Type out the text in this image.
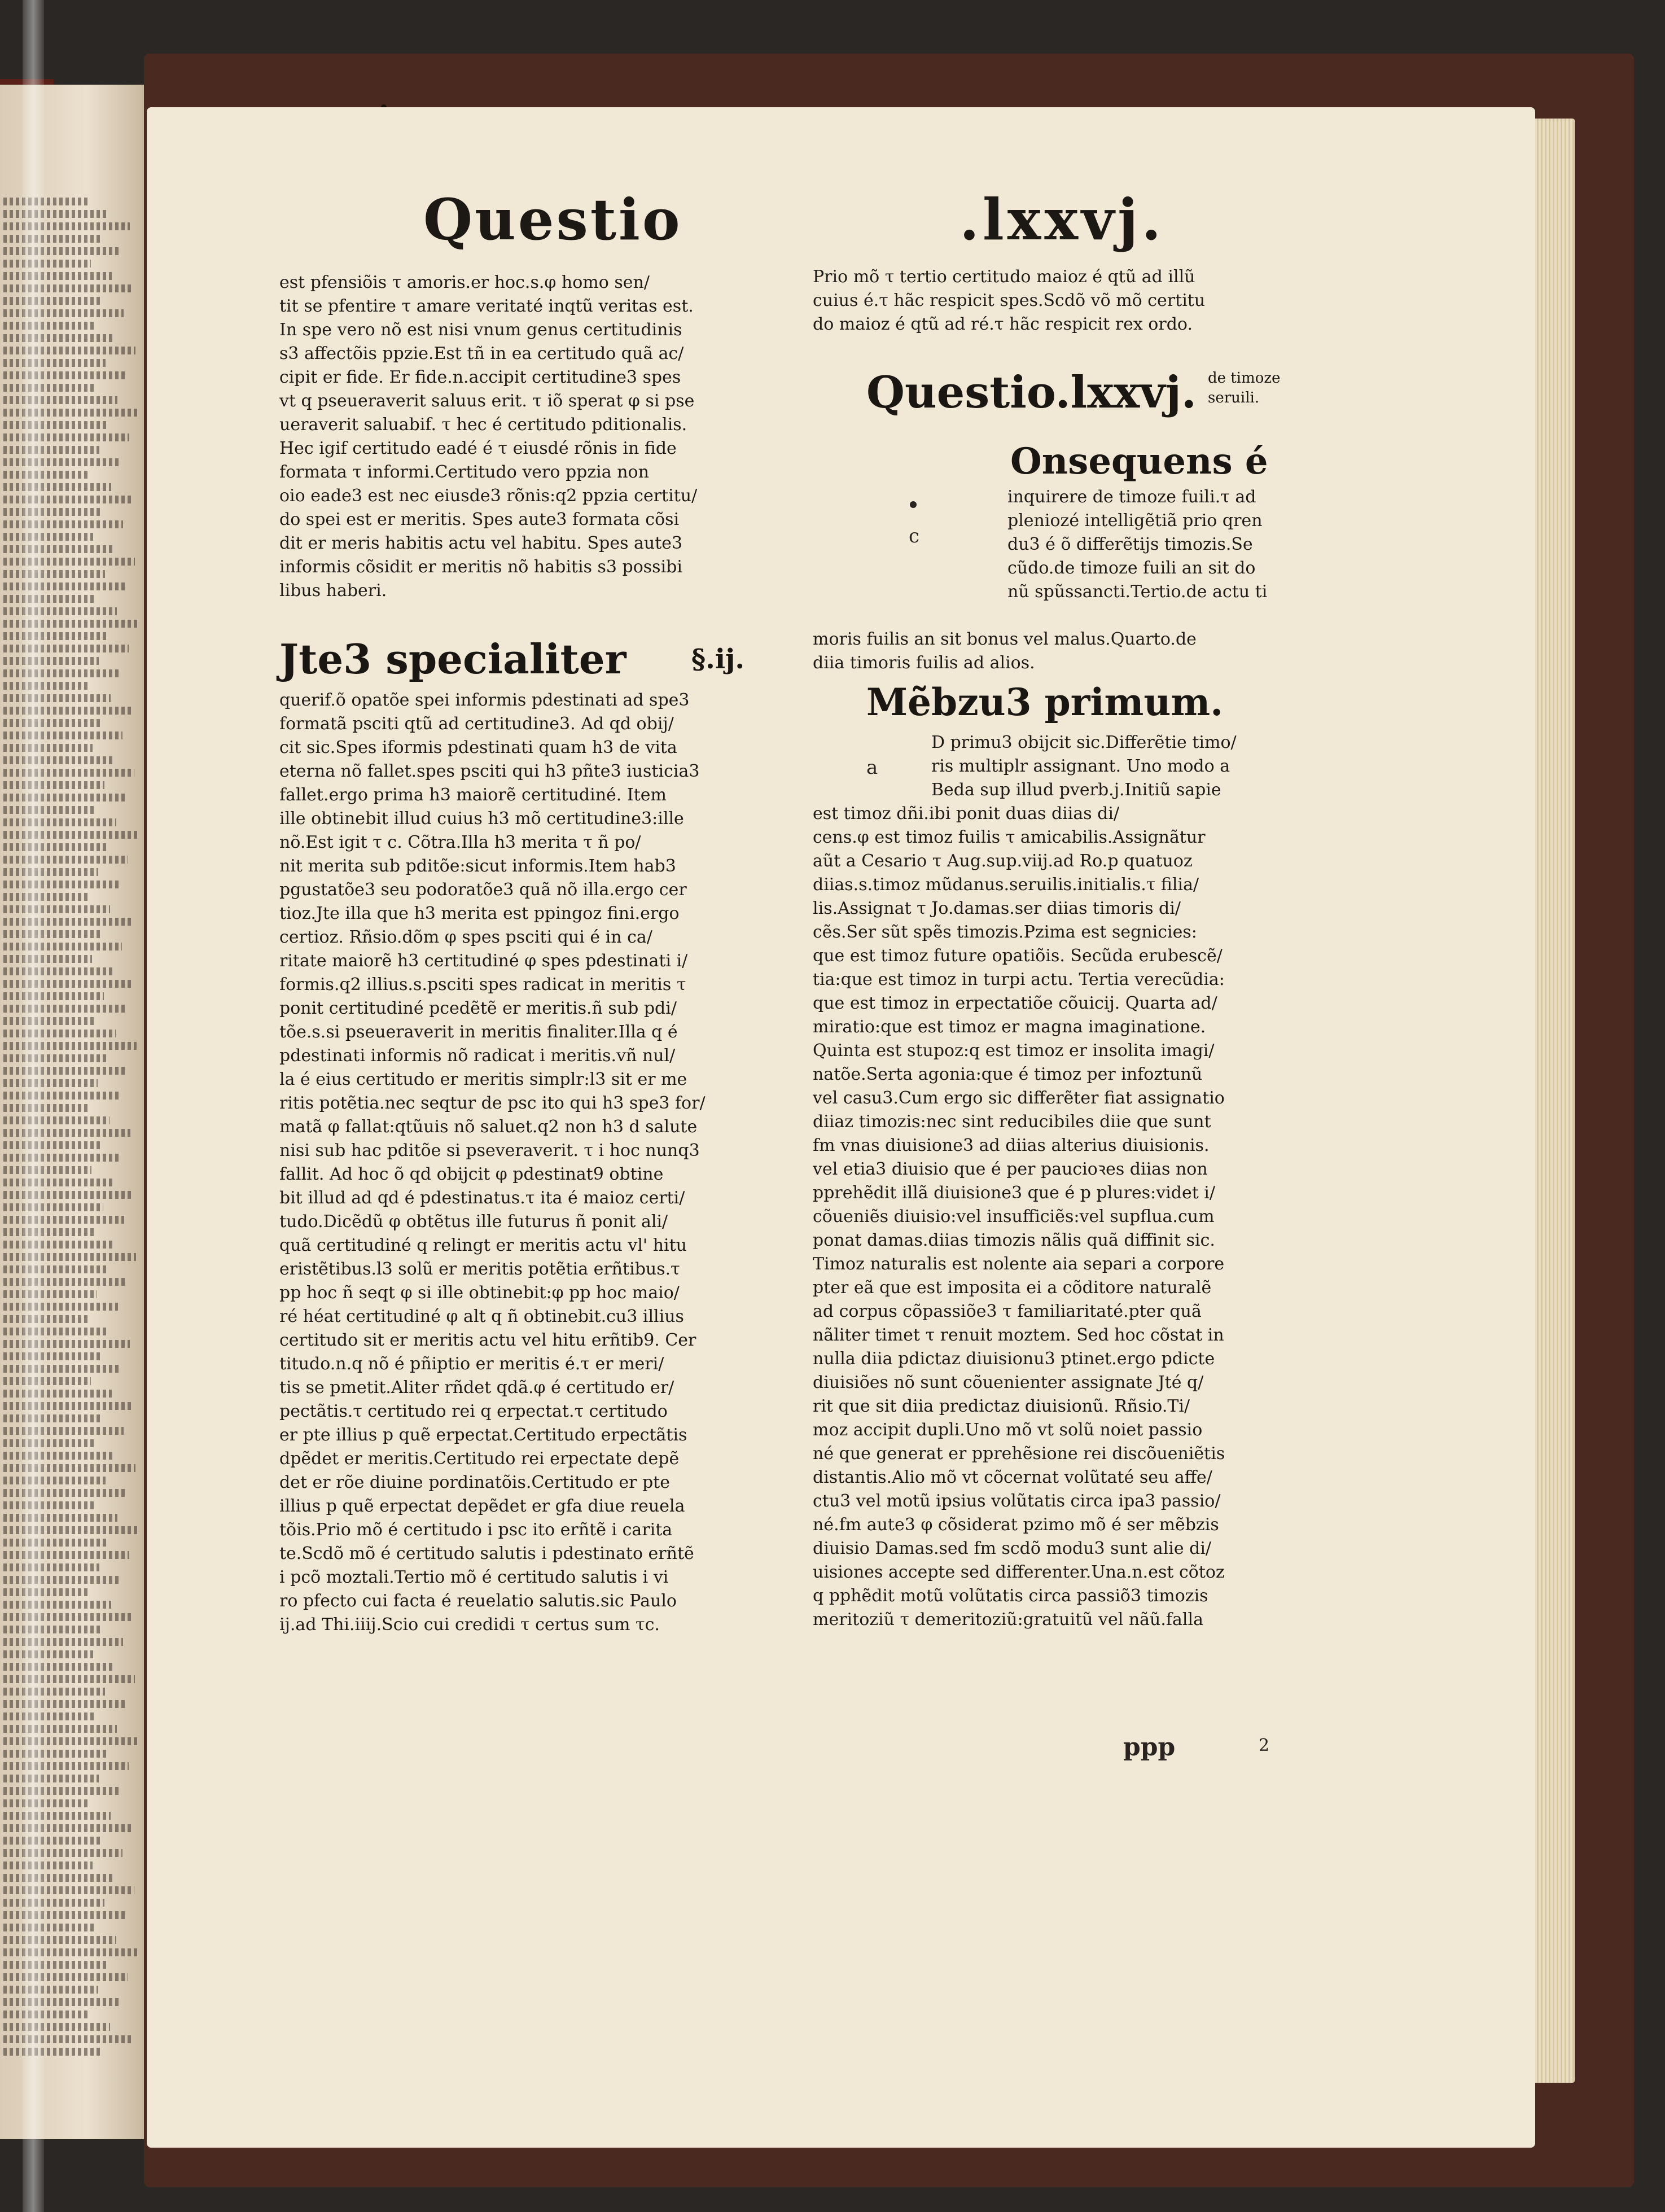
Questio	.lxxvj.
est pfensiõis τ amoris.er hoc.s.φ homo sen/
tit se pfentire τ amare veritaté inqtũ veritas est.
In spe vero nõ est nisi vnum genus certitudinis
s3 affectõis ppzie.Est tñ in ea certitudo quã ac/
cipit er fide. Er fide.n.accipit certitudine3 spes
vt q pseueraverit saluus erit. τ iõ sperat φ si pse
ueraverit saluabif. τ hec é certitudo pditionalis.
Hec igif certitudo eadé é τ eiusdé rõnis in fide
formata τ informi.Certitudo vero ppzia non
oio eade3 est nec eiusde3 rõnis:q2 ppzia certitu/
do spei est er meritis. Spes aute3 formata cõsi
dit er meris habitis actu vel habitu. Spes aute3
informis cõsidit er meritis nõ habitis s3 possibi
libus haberi.
Jte3 specialiter §.ij.
querif.õ opatõe spei informis pdestinati ad spe3
formatã psciti qtũ ad certitudine3. Ad qd obij/
cit sic.Spes iformis pdestinati quam h3 de vita
eterna nõ fallet.spes psciti qui h3 pñte3 iusticia3
fallet.ergo prima h3 maiorẽ certitudiné. Item
ille obtinebit illud cuius h3 mõ certitudine3:ille
nõ.Est igit τ c. Cõtra.Illa h3 merita τ ñ po/
nit merita sub pditõe:sicut informis.Item hab3
pgustatõe3 seu podoratõe3 quã nõ illa.ergo cer
tioz.Jte illa que h3 merita est ppingoz fini.ergo
certioz. Rñsio.dõm φ spes psciti qui é in ca/
ritate maiorẽ h3 certitudiné φ spes pdestinati i/
formis.q2 illius.s.psciti spes radicat in meritis τ
ponit certitudiné pcedẽtẽ er meritis.ñ sub pdi/
tõe.s.si pseueraverit in meritis finaliter.Illa q é
pdestinati informis nõ radicat i meritis.vñ nul/
la é eius certitudo er meritis simplr:l3 sit er me
ritis potẽtia.nec seqtur de psc ito qui h3 spe3 for/
matã φ fallat:qtũuis nõ saluet.q2 non h3 d salute
nisi sub hac pditõe si pseveraverit. τ i hoc nunq3
fallit. Ad hoc õ qd obijcit φ pdestinat9 obtine
bit illud ad qd é pdestinatus.τ ita é maioz certi/
tudo.Dicẽdũ φ obtẽtus ille futurus ñ ponit ali/
quã certitudiné q relingt er meritis actu vl' hitu
eristẽtibus.l3 solũ er meritis potẽtia erñtibus.τ
pp hoc ñ seqt φ si ille obtinebit:φ pp hoc maio/
ré héat certitudiné φ alt q ñ obtinebit.cu3 illius
certitudo sit er meritis actu vel hitu erñtib9. Cer
titudo.n.q nõ é pñiptio er meritis é.τ er meri/
tis se pmetit.Aliter rñdet qdã.φ é certitudo er/
pectãtis.τ certitudo rei q erpectat.τ certitudo
er pte illius p quẽ erpectat.Certitudo erpectãtis
dpẽdet er meritis.Certitudo rei erpectate depẽ
det er rõe diuine pordinatõis.Certitudo er pte
illius p quẽ erpectat depẽdet er gfa diue reuela
tõis.Prio mõ é certitudo i psc ito erñtẽ i carita
te.Scdõ mõ é certitudo salutis i pdestinato erñtẽ
i pcõ moztali.Tertio mõ é certitudo salutis i vi
ro pfecto cui facta é reuelatio salutis.sic Paulo
ij.ad Thi.iiij.Scio cui credidi τ certus sum τc.
Prio mõ τ tertio certitudo maioz é qtũ ad illũ
cuius é.τ hãc respicit spes.Scdõ võ mõ certitu
do maioz é qtũ ad ré.τ hãc respicit rex ordo.
Questio.lxxvj. de timoze
seruili.
Onsequens é
c
inquirere de timoze fuili.τ ad
pleniozé intelligẽtiã prio qren
du3 é õ differẽtijs timozis.Se
cũdo.de timoze fuili an sit do
nũ spũssancti.Tertio.de actu ti
moris fuilis an sit bonus vel malus.Quarto.de
diia timoris fuilis ad alios.
Mẽbzu3 primum.
a
D primu3 obijcit sic.Differẽtie timo/
ris multiplr assignant. Uno modo a
Beda sup illud pverb.j.Initiũ sapie
est timoz dñi.ibi ponit duas diias di/
cens.φ est timoz fuilis τ amicabilis.Assignãtur
aũt a Cesario τ Aug.sup.viij.ad Ro.p quatuoz
diias.s.timoz mũdanus.seruilis.initialis.τ filia/
lis.Assignat τ Jo.damas.ser diias timoris di/
cẽs.Ser sũt spẽs timozis.Pzima est segnicies:
que est timoz future opatiõis. Secũda erubescẽ/
tia:que est timoz in turpi actu. Tertia verecũdia:
que est timoz in erpectatiõe cõuicij. Quarta ad/
miratio:que est timoz er magna imaginatione.
Quinta est stupoz:q est timoz er insolita imagi/
natõe.Serta agonia:que é timoz per infoztunũ
vel casu3.Cum ergo sic differẽter fiat assignatio
diiaz timozis:nec sint reducibiles diie que sunt
fm vnas diuisione3 ad diias alterius diuisionis.
vel etia3 diuisio que é per paucioꝛes diias non
pprehẽdit illã diuisione3 que é p plures:videt i/
cõueniẽs diuisio:vel insufficiẽs:vel supflua.cum
ponat damas.diias timozis nãlis quã diffinit sic.
Timoz naturalis est nolente aia separi a corpore
pter eã que est imposita ei a cõditore naturalẽ
ad corpus cõpassiõe3 τ familiaritaté.pter quã
nãliter timet τ renuit moztem. Sed hoc cõstat in
nulla diia pdictaz diuisionu3 ptinet.ergo pdicte
diuisiões nõ sunt cõuenienter assignate Jté q/
rit que sit diia predictaz diuisionũ. Rñsio.Ti/
moz accipit dupli.Uno mõ vt solũ noiet passio
né que generat er pprehẽsione rei discõueniẽtis
distantis.Alio mõ vt cõcernat volũtaté seu affe/
ctu3 vel motũ ipsius volũtatis circa ipa3 passio/
né.fm aute3 φ cõsiderat pzimo mõ é ser mẽbzis
diuisio Damas.sed fm scdõ modu3 sunt alie di/
uisiones accepte sed differenter.Una.n.est cõtoz
q pphẽdit motũ volũtatis circa passiõ3 timozis
meritoziũ τ demeritoziũ:gratuitũ vel nãũ.falla
ppp	2
